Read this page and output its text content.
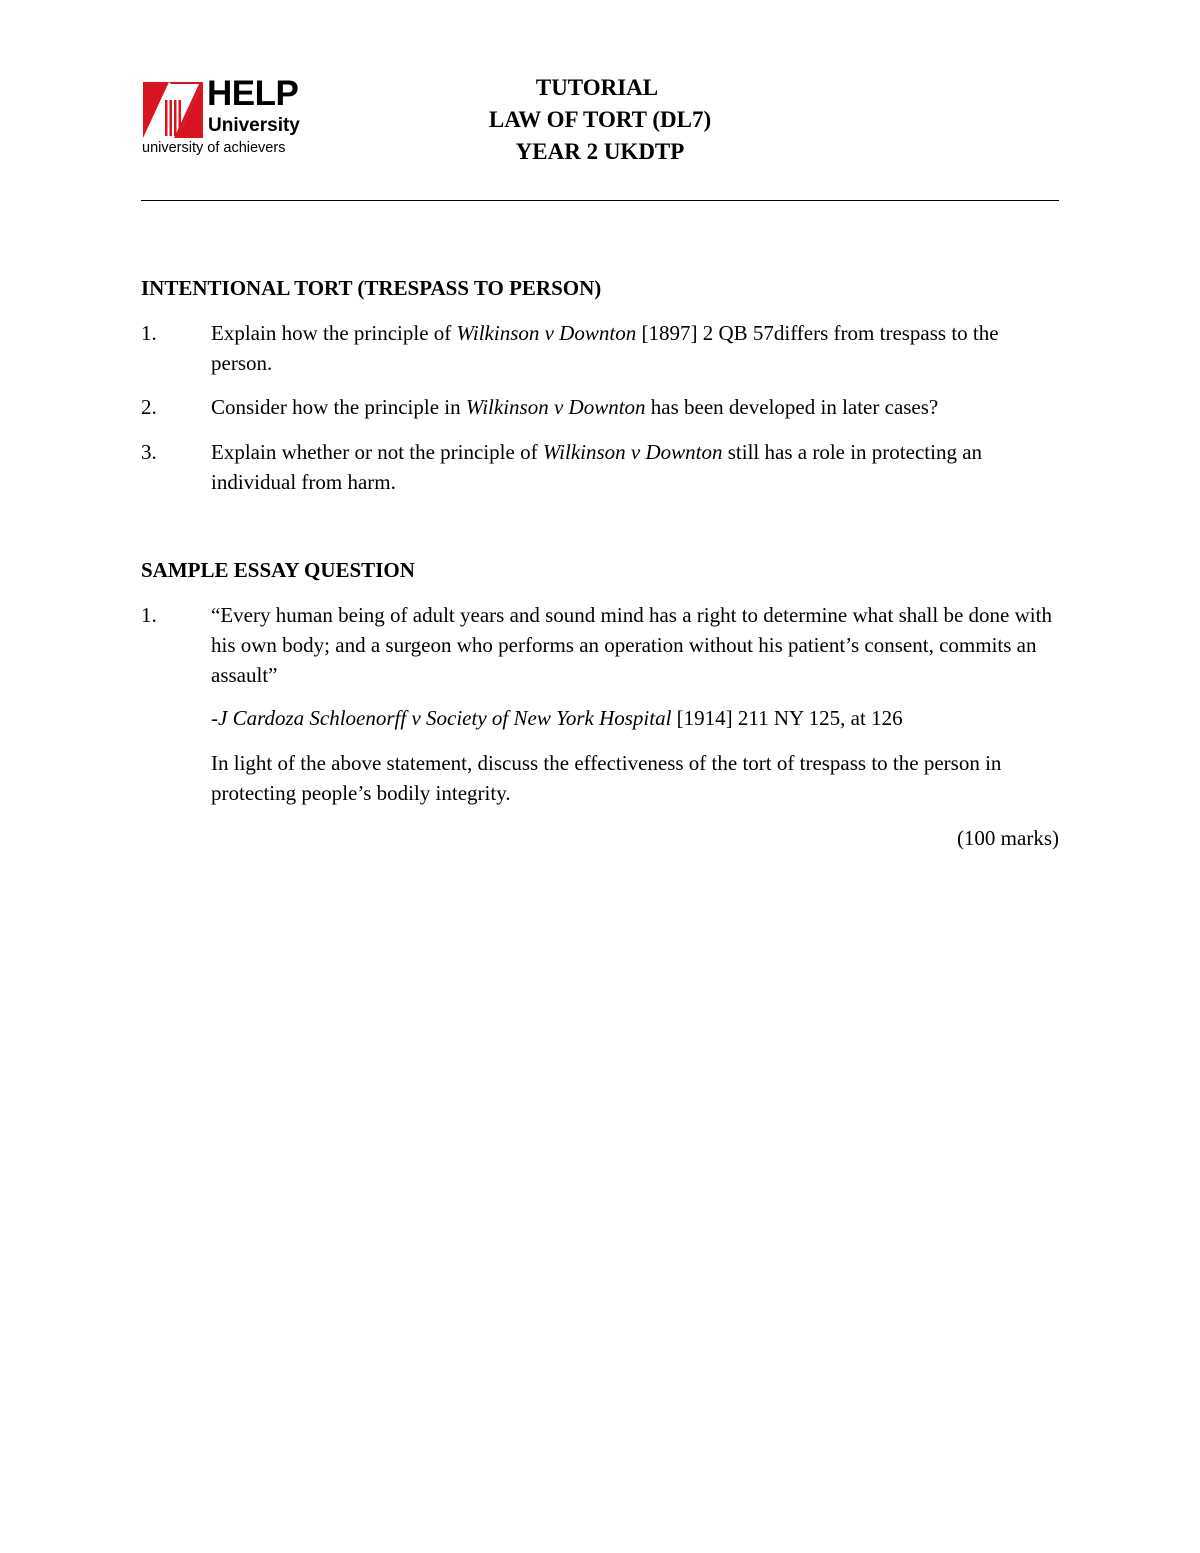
HELP
University
university of achievers
TUTORIAL
LAW OF TORT (DL7)
YEAR 2 UKDTP
INTENTIONAL TORT (TRESPASS TO PERSON)
1.	Explain how the principle of Wilkinson v Downton [1897] 2 QB 57differs from trespass to the person.
2.	Consider how the principle in Wilkinson v Downton has been developed in later cases?
3.	Explain whether or not the principle of Wilkinson v Downton still has a role in protecting an individual from harm.
SAMPLE ESSAY QUESTION
1.	“Every human being of adult years and sound mind has a right to determine what shall be done with his own body; and a surgeon who performs an operation without his patient’s consent, commits an assault”
-J Cardoza Schloenorff v Society of New York Hospital [1914] 211 NY 125, at 126
In light of the above statement, discuss the effectiveness of the tort of trespass to the person in protecting people’s bodily integrity.
(100 marks)
